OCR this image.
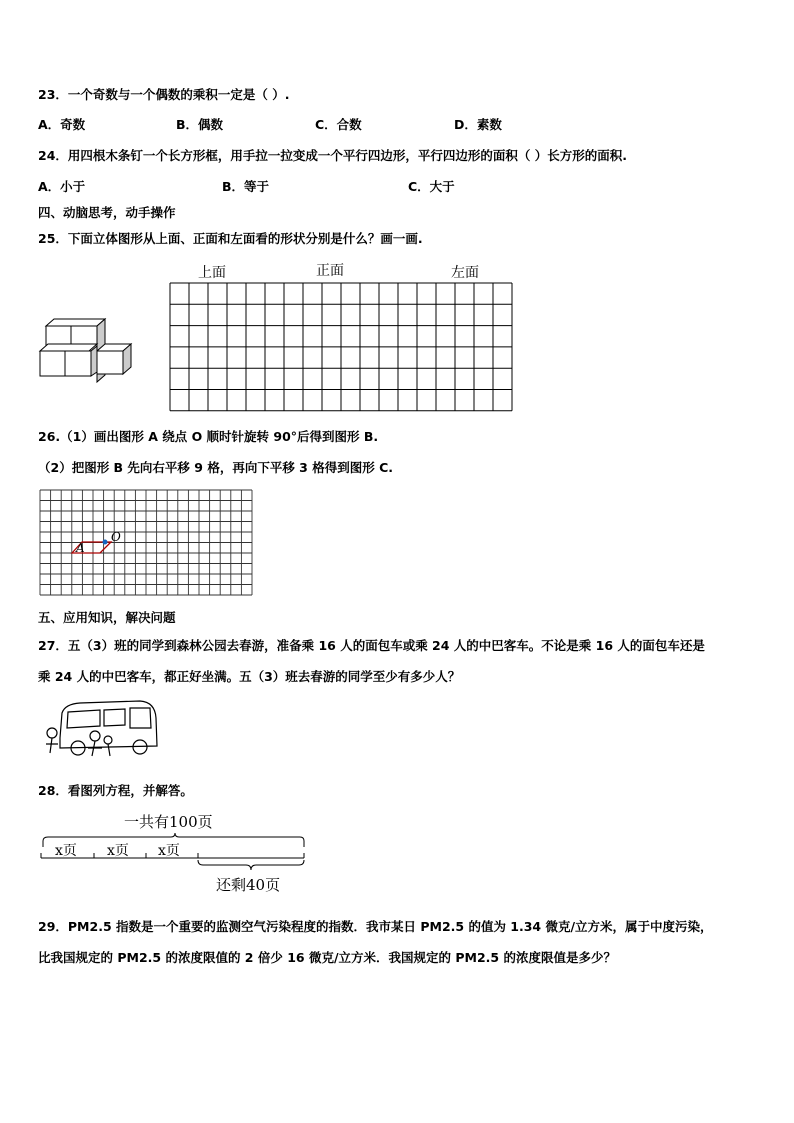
23．一个奇数与一个偶数的乘积一定是（ ）.
A．奇数	B．偶数	C．合数	D．素数
24．用四根木条钉一个长方形框，用手拉一拉变成一个平行四边形，平行四边形的面积（ ）长方形的面积.
A．小于	B．等于	C．大于
四、动脑思考，动手操作
25．下面立体图形从上面、正面和左面看的形状分别是什么？画一画.
上面	正面	左面
26.（1）画出图形 A 绕点 O 顺时针旋转 90°后得到图形 B.
（2）把图形 B 先向右平移 9 格，再向下平移 3 格得到图形 C.
A
O
五、应用知识，解决问题
27．五（3）班的同学到森林公园去春游，准备乘 16 人的面包车或乘 24 人的中巴客车。不论是乘 16 人的面包车还是
乘 24 人的中巴客车，都正好坐满。五（3）班去春游的同学至少有多少人？
28．看图列方程，并解答。
一共有100页
x页 x页 x页
还剩40页
29．PM2.5 指数是一个重要的监测空气污染程度的指数．我市某日 PM2.5 的值为 1.34 微克/立方米，属于中度污染，
比我国规定的 PM2.5 的浓度限值的 2 倍少 16 微克/立方米．我国规定的 PM2.5 的浓度限值是多少？
